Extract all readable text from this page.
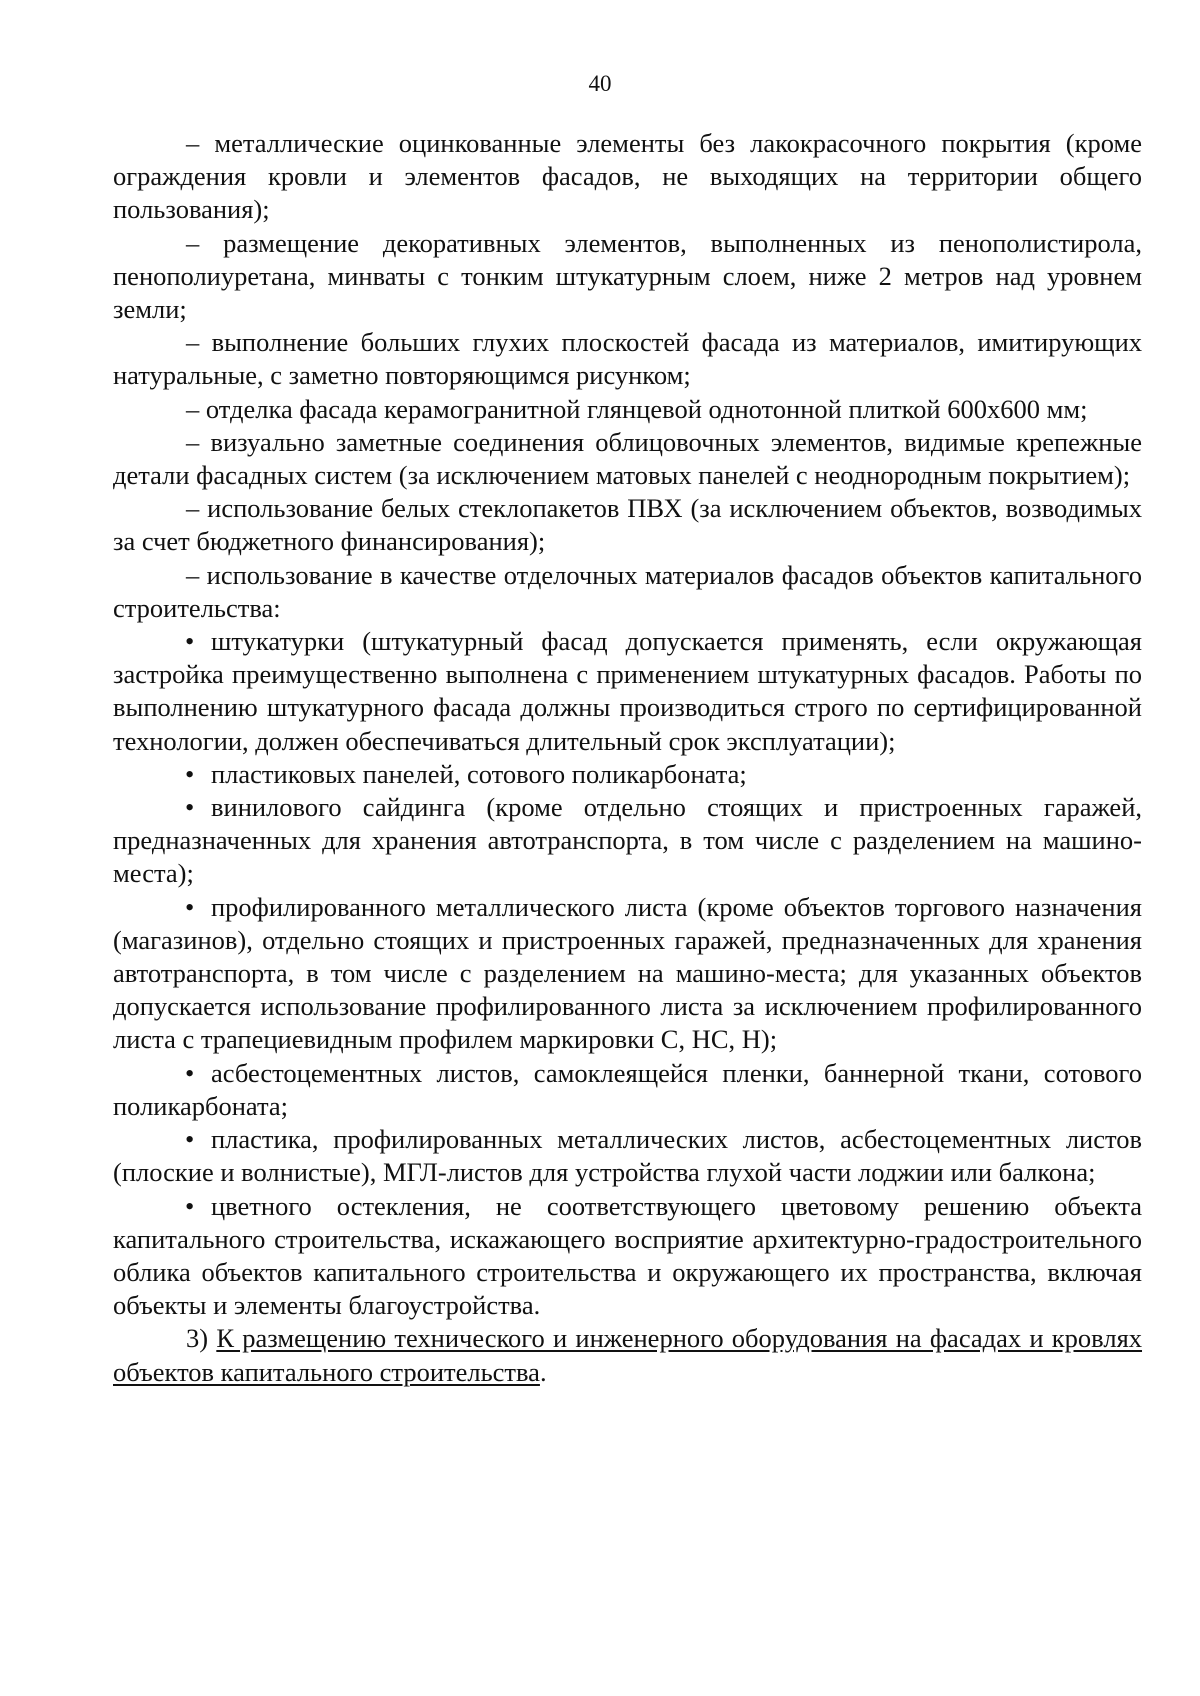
40

– металлические оцинкованные элементы без лакокрасочного покрытия (кроме ограждения кровли и элементов фасадов, не выходящих на территории общего пользования);

– размещение декоративных элементов, выполненных из пенополистирола, пенополиуретана, минваты с тонким штукатурным слоем, ниже 2 метров над уровнем земли;

– выполнение больших глухих плоскостей фасада из материалов, имитирующих натуральные, с заметно повторяющимся рисунком;

– отделка фасада керамогранитной глянцевой однотонной плиткой 600х600 мм;

– визуально заметные соединения облицовочных элементов, видимые крепежные детали фасадных систем (за исключением матовых панелей с неоднородным покрытием);

– использование белых стеклопакетов ПВХ (за исключением объектов, возводимых за счет бюджетного финансирования);

– использование в качестве отделочных материалов фасадов объектов капитального строительства:

• штукатурки (штукатурный фасад допускается применять, если окружающая застройка преимущественно выполнена с применением штукатурных фасадов. Работы по выполнению штукатурного фасада должны производиться строго по сертифицированной технологии, должен обеспечиваться длительный срок эксплуатации);

• пластиковых панелей, сотового поликарбоната;

• винилового сайдинга (кроме отдельно стоящих и пристроенных гаражей, предназначенных для хранения автотранспорта, в том числе с разделением на машино-места);

• профилированного металлического листа (кроме объектов торгового назначения (магазинов), отдельно стоящих и пристроенных гаражей, предназначенных для хранения автотранспорта, в том числе с разделением на машино-места; для указанных объектов допускается использование профилированного листа за исключением профилированного листа с трапециевидным профилем маркировки С, НС, Н);

• асбестоцементных листов, самоклеящейся пленки, баннерной ткани, сотового поликарбоната;

• пластика, профилированных металлических листов, асбестоцементных листов (плоские и волнистые), МГЛ-листов для устройства глухой части лоджии или балкона;

• цветного остекления, не соответствующего цветовому решению объекта капитального строительства, искажающего восприятие архитектурно-градостроительного облика объектов капитального строительства и окружающего их пространства, включая объекты и элементы благоустройства.

3) К размещению технического и инженерного оборудования на фасадах и кровлях объектов капитального строительства.
